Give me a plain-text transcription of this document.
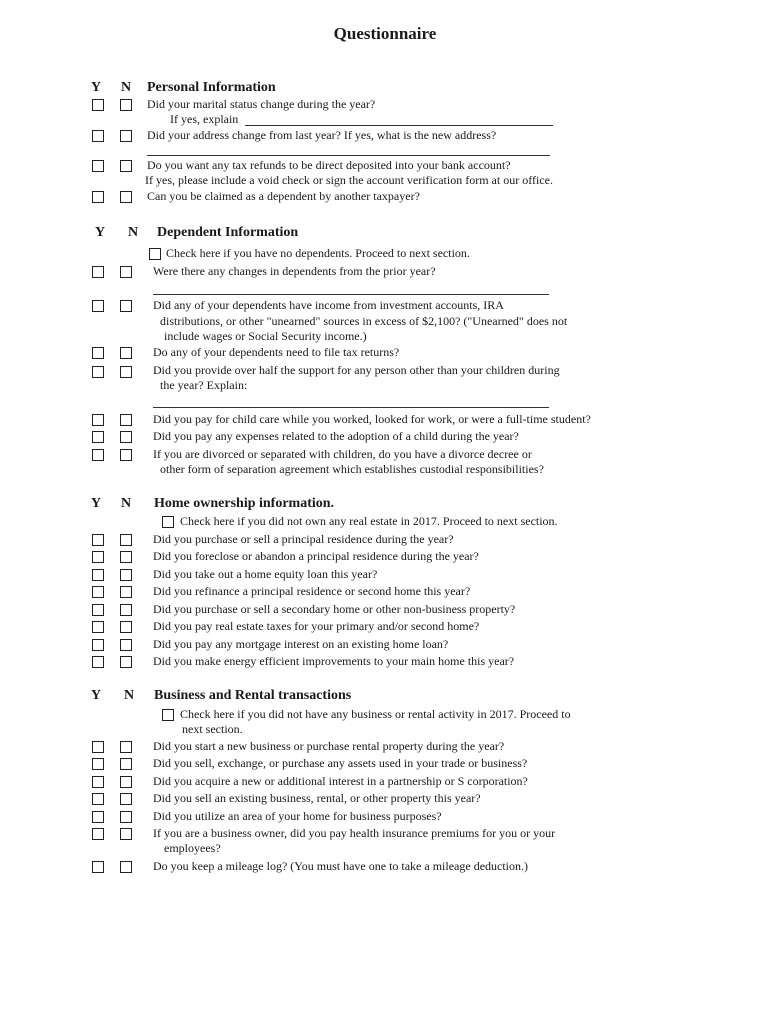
Questionnaire
Y N Personal Information
Did your marital status change during the year?
If yes, explain
Did your address change from last year? If yes, what is the new address?
Do you want any tax refunds to be direct deposited into your bank account?
If yes, please include a void check or sign the account verification form at our office.
Can you be claimed as a dependent by another taxpayer?
Y N Dependent Information
Check here if you have no dependents. Proceed to next section.
Were there any changes in dependents from the prior year?
Did any of your dependents have income from investment accounts, IRA
distributions, or other "unearned" sources in excess of $2,100? ("Unearned" does not
include wages or Social Security income.)
Do any of your dependents need to file tax returns?
Did you provide over half the support for any person other than your children during
the year? Explain:
Did you pay for child care while you worked, looked for work, or were a full-time student?
Did you pay any expenses related to the adoption of a child during the year?
If you are divorced or separated with children, do you have a divorce decree or
other form of separation agreement which establishes custodial responsibilities?
Y N Home ownership information.
Check here if you did not own any real estate in 2017. Proceed to next section.
Did you purchase or sell a principal residence during the year?
Did you foreclose or abandon a principal residence during the year?
Did you take out a home equity loan this year?
Did you refinance a principal residence or second home this year?
Did you purchase or sell a secondary home or other non-business property?
Did you pay real estate taxes for your primary and/or second home?
Did you pay any mortgage interest on an existing home loan?
Did you make energy efficient improvements to your main home this year?
Y N Business and Rental transactions
Check here if you did not have any business or rental activity in 2017. Proceed to
next section.
Did you start a new business or purchase rental property during the year?
Did you sell, exchange, or purchase any assets used in your trade or business?
Did you acquire a new or additional interest in a partnership or S corporation?
Did you sell an existing business, rental, or other property this year?
Did you utilize an area of your home for business purposes?
If you are a business owner, did you pay health insurance premiums for you or your
employees?
Do you keep a mileage log? (You must have one to take a mileage deduction.)
